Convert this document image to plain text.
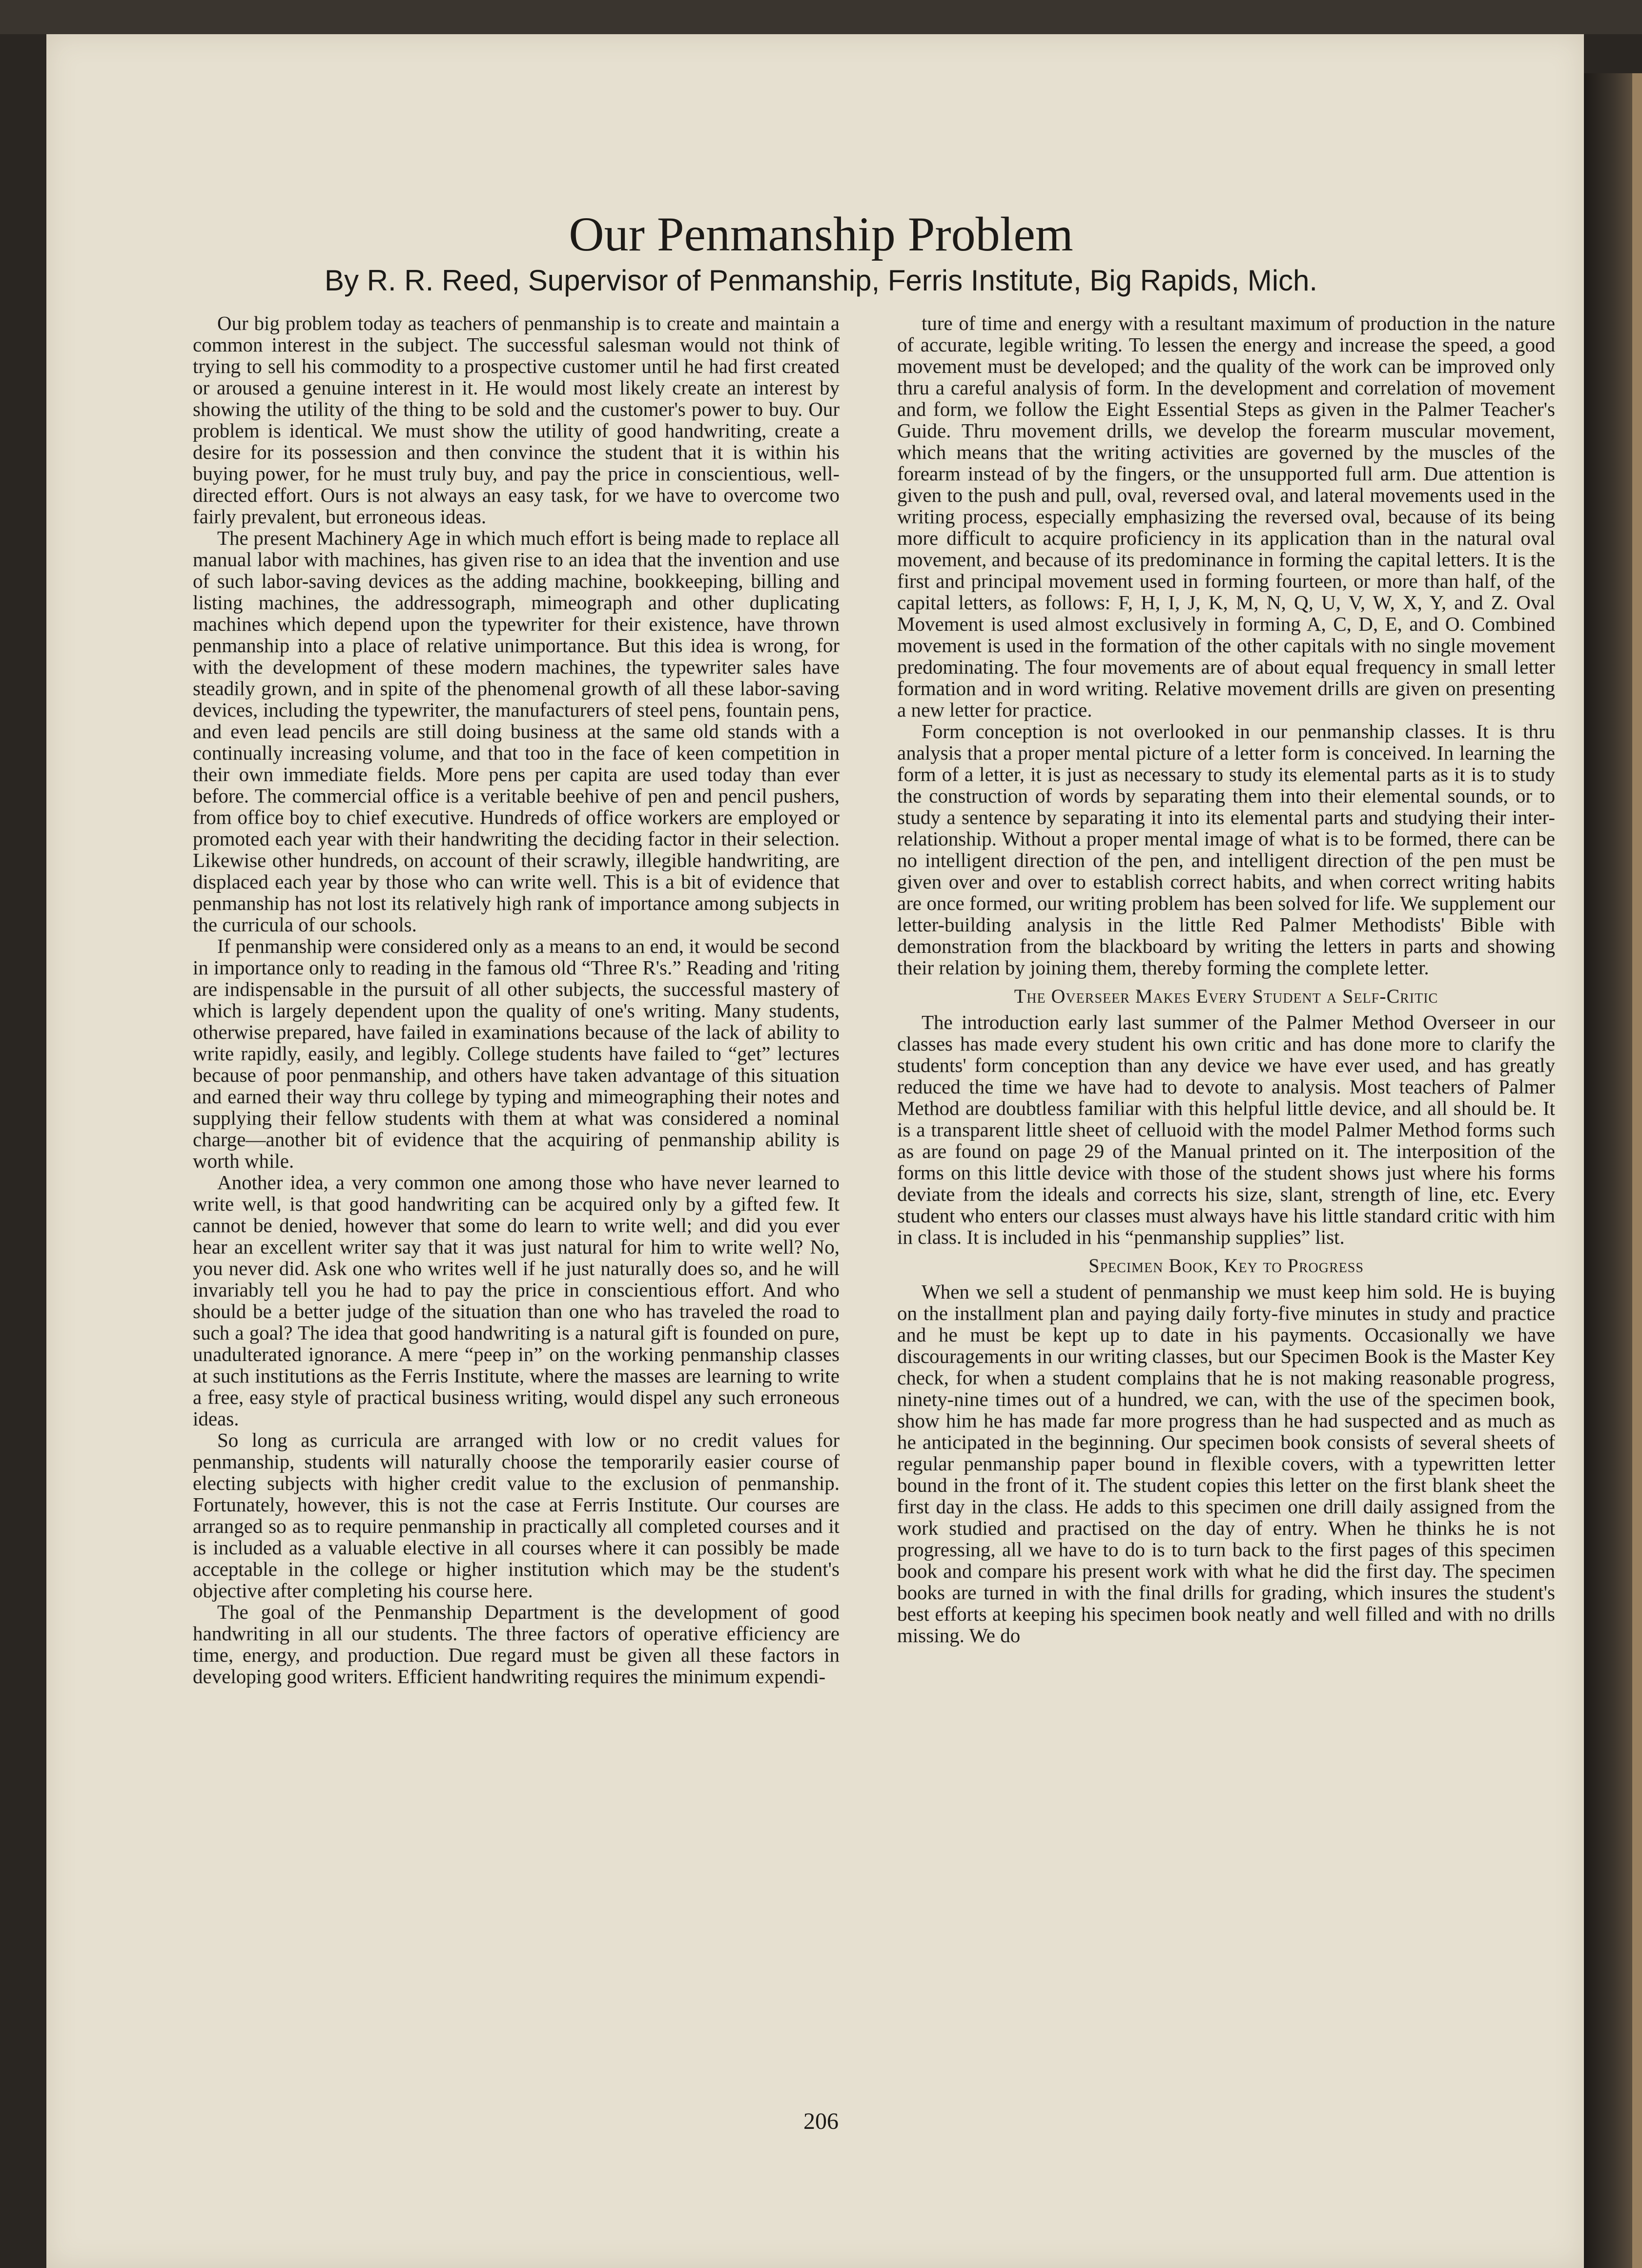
Our Penmanship Problem
By R. R. Reed, Supervisor of Penmanship, Ferris Institute, Big Rapids, Mich.

Our big problem today as teachers of penmanship is to create and maintain a common interest in the subject. The successful salesman would not think of trying to sell his commodity to a prospective customer until he had first created or aroused a genuine interest in it. He would most likely create an interest by showing the utility of the thing to be sold and the customer's power to buy. Our problem is identical. We must show the utility of good handwriting, create a desire for its possession and then convince the student that it is within his buying power, for he must truly buy, and pay the price in conscientious, well-directed effort. Ours is not always an easy task, for we have to overcome two fairly prevalent, but erroneous ideas.

The present Machinery Age in which much effort is being made to replace all manual labor with machines, has given rise to an idea that the invention and use of such labor-saving devices as the adding machine, bookkeeping, billing and listing machines, the addressograph, mimeograph and other duplicating machines which depend upon the typewriter for their existence, have thrown penmanship into a place of relative unimportance. But this idea is wrong, for with the development of these modern machines, the typewriter sales have steadily grown, and in spite of the phenomenal growth of all these labor-saving devices, including the typewriter, the manufacturers of steel pens, fountain pens, and even lead pencils are still doing business at the same old stands with a continually increasing volume, and that too in the face of keen competition in their own immediate fields. More pens per capita are used today than ever before. The commercial office is a veritable beehive of pen and pencil pushers, from office boy to chief executive. Hundreds of office workers are employed or promoted each year with their handwriting the deciding factor in their selection. Likewise other hundreds, on account of their scrawly, illegible handwriting, are displaced each year by those who can write well. This is a bit of evidence that penmanship has not lost its relatively high rank of importance among subjects in the curricula of our schools.

If penmanship were considered only as a means to an end, it would be second in importance only to reading in the famous old “Three R's.” Reading and 'riting are indispensable in the pursuit of all other subjects, the successful mastery of which is largely dependent upon the quality of one's writing. Many students, otherwise prepared, have failed in examinations because of the lack of ability to write rapidly, easily, and legibly. College students have failed to “get” lectures because of poor penmanship, and others have taken advantage of this situation and earned their way thru college by typing and mimeographing their notes and supplying their fellow students with them at what was considered a nominal charge—another bit of evidence that the acquiring of penmanship ability is worth while.

Another idea, a very common one among those who have never learned to write well, is that good handwriting can be acquired only by a gifted few. It cannot be denied, however that some do learn to write well; and did you ever hear an excellent writer say that it was just natural for him to write well? No, you never did. Ask one who writes well if he just naturally does so, and he will invariably tell you he had to pay the price in conscientious effort. And who should be a better judge of the situation than one who has traveled the road to such a goal? The idea that good handwriting is a natural gift is founded on pure, unadulterated ignorance. A mere “peep in” on the working penmanship classes at such institutions as the Ferris Institute, where the masses are learning to write a free, easy style of practical business writing, would dispel any such erroneous ideas.

So long as curricula are arranged with low or no credit values for penmanship, students will naturally choose the temporarily easier course of electing subjects with higher credit value to the exclusion of penmanship. Fortunately, however, this is not the case at Ferris Institute. Our courses are arranged so as to require penmanship in practically all completed courses and it is included as a valuable elective in all courses where it can possibly be made acceptable in the college or higher institution which may be the student's objective after completing his course here.

The goal of the Penmanship Department is the development of good handwriting in all our students. The three factors of operative efficiency are time, energy, and production. Due regard must be given all these factors in developing good writers. Efficient handwriting requires the minimum expendi-

ture of time and energy with a resultant maximum of production in the nature of accurate, legible writing. To lessen the energy and increase the speed, a good movement must be developed; and the quality of the work can be improved only thru a careful analysis of form. In the development and correlation of movement and form, we follow the Eight Essential Steps as given in the Palmer Teacher's Guide. Thru movement drills, we develop the forearm muscular movement, which means that the writing activities are governed by the muscles of the forearm instead of by the fingers, or the unsupported full arm. Due attention is given to the push and pull, oval, reversed oval, and lateral movements used in the writing process, especially emphasizing the reversed oval, because of its being more difficult to acquire proficiency in its application than in the natural oval movement, and because of its predominance in forming the capital letters. It is the first and principal movement used in forming fourteen, or more than half, of the capital letters, as follows: F, H, I, J, K, M, N, Q, U, V, W, X, Y, and Z. Oval Movement is used almost exclusively in forming A, C, D, E, and O. Combined movement is used in the formation of the other capitals with no single movement predominating. The four movements are of about equal frequency in small letter formation and in word writing. Relative movement drills are given on presenting a new letter for practice.

Form conception is not overlooked in our penmanship classes. It is thru analysis that a proper mental picture of a letter form is conceived. In learning the form of a letter, it is just as necessary to study its elemental parts as it is to study the construction of words by separating them into their elemental sounds, or to study a sentence by separating it into its elemental parts and studying their inter-relationship. Without a proper mental image of what is to be formed, there can be no intelligent direction of the pen, and intelligent direction of the pen must be given over and over to establish correct habits, and when correct writing habits are once formed, our writing problem has been solved for life. We supplement our letter-building analysis in the little Red Palmer Methodists' Bible with demonstration from the blackboard by writing the letters in parts and showing their relation by joining them, thereby forming the complete letter.

The Overseer Makes Every Student a Self-Critic

The introduction early last summer of the Palmer Method Overseer in our classes has made every student his own critic and has done more to clarify the students' form conception than any device we have ever used, and has greatly reduced the time we have had to devote to analysis. Most teachers of Palmer Method are doubtless familiar with this helpful little device, and all should be. It is a transparent little sheet of celluoid with the model Palmer Method forms such as are found on page 29 of the Manual printed on it. The interposition of the forms on this little device with those of the student shows just where his forms deviate from the ideals and corrects his size, slant, strength of line, etc. Every student who enters our classes must always have his little standard critic with him in class. It is included in his “penmanship supplies” list.

Specimen Book, Key to Progress

When we sell a student of penmanship we must keep him sold. He is buying on the installment plan and paying daily forty-five minutes in study and practice and he must be kept up to date in his payments. Occasionally we have discouragements in our writing classes, but our Specimen Book is the Master Key check, for when a student complains that he is not making reasonable progress, ninety-nine times out of a hundred, we can, with the use of the specimen book, show him he has made far more progress than he had suspected and as much as he anticipated in the beginning. Our specimen book consists of several sheets of regular penmanship paper bound in flexible covers, with a typewritten letter bound in the front of it. The student copies this letter on the first blank sheet the first day in the class. He adds to this specimen one drill daily assigned from the work studied and practised on the day of entry. When he thinks he is not progressing, all we have to do is to turn back to the first pages of this specimen book and compare his present work with what he did the first day. The specimen books are turned in with the final drills for grading, which insures the student's best efforts at keeping his specimen book neatly and well filled and with no drills missing. We do

206
